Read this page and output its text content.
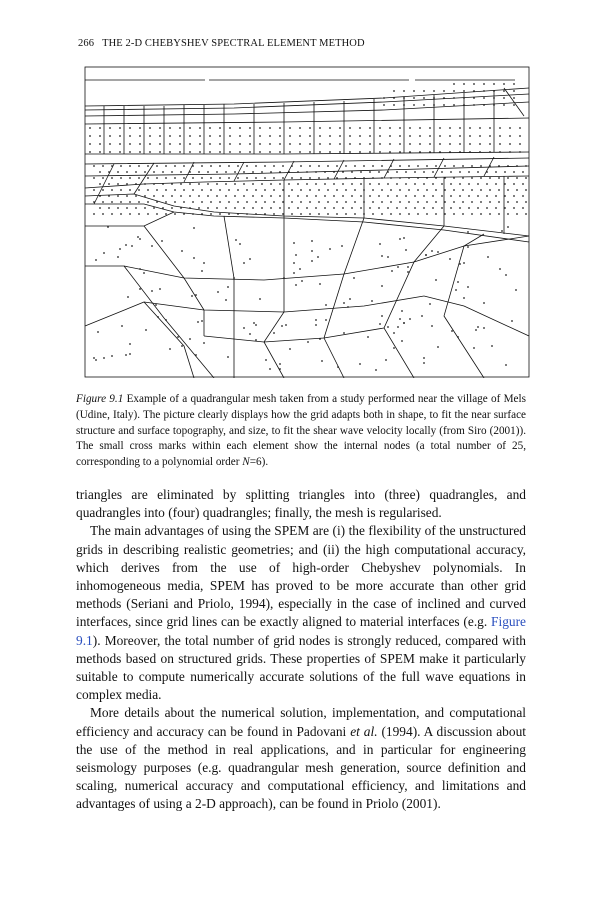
266 THE 2-D CHEBYSHEV SPECTRAL ELEMENT METHOD
Figure 9.1 Example of a quadrangular mesh taken from a study performed near the village of Mels (Udine, Italy). The picture clearly displays how the grid adapts both in shape, to fit the near surface structure and surface topography, and size, to fit the shear wave velocity locally (from Siro (2001)). The small cross marks within each element show the internal nodes (a total number of 25, corresponding to a polynomial order N=6).

triangles are eliminated by splitting triangles into (three) quadrangles, and quadrangles into (four) quadrangles; finally, the mesh is regularised.

The main advantages of using the SPEM are (i) the flexibility of the unstructured grids in describing realistic geometries; and (ii) the high computational accuracy, which derives from the use of high-order Chebyshev polynomials. In inhomogeneous media, SPEM has proved to be more accurate than other grid methods (Seriani and Priolo, 1994), especially in the case of inclined and curved interfaces, since grid lines can be exactly aligned to material interfaces (e.g. Figure 9.1). Moreover, the total number of grid nodes is strongly reduced, compared with methods based on structured grids. These properties of SPEM make it particularly suitable to compute numerically accurate solutions of the full wave equations in complex media.

More details about the numerical solution, implementation, and computational efficiency and accuracy can be found in Padovani et al. (1994). A discussion about the use of the method in real applications, and in particular for engineering seismology purposes (e.g. quadrangular mesh generation, source definition and scaling, numerical accuracy and computational efficiency, and limitations and advantages of using a 2-D approach), can be found in Priolo (2001).
